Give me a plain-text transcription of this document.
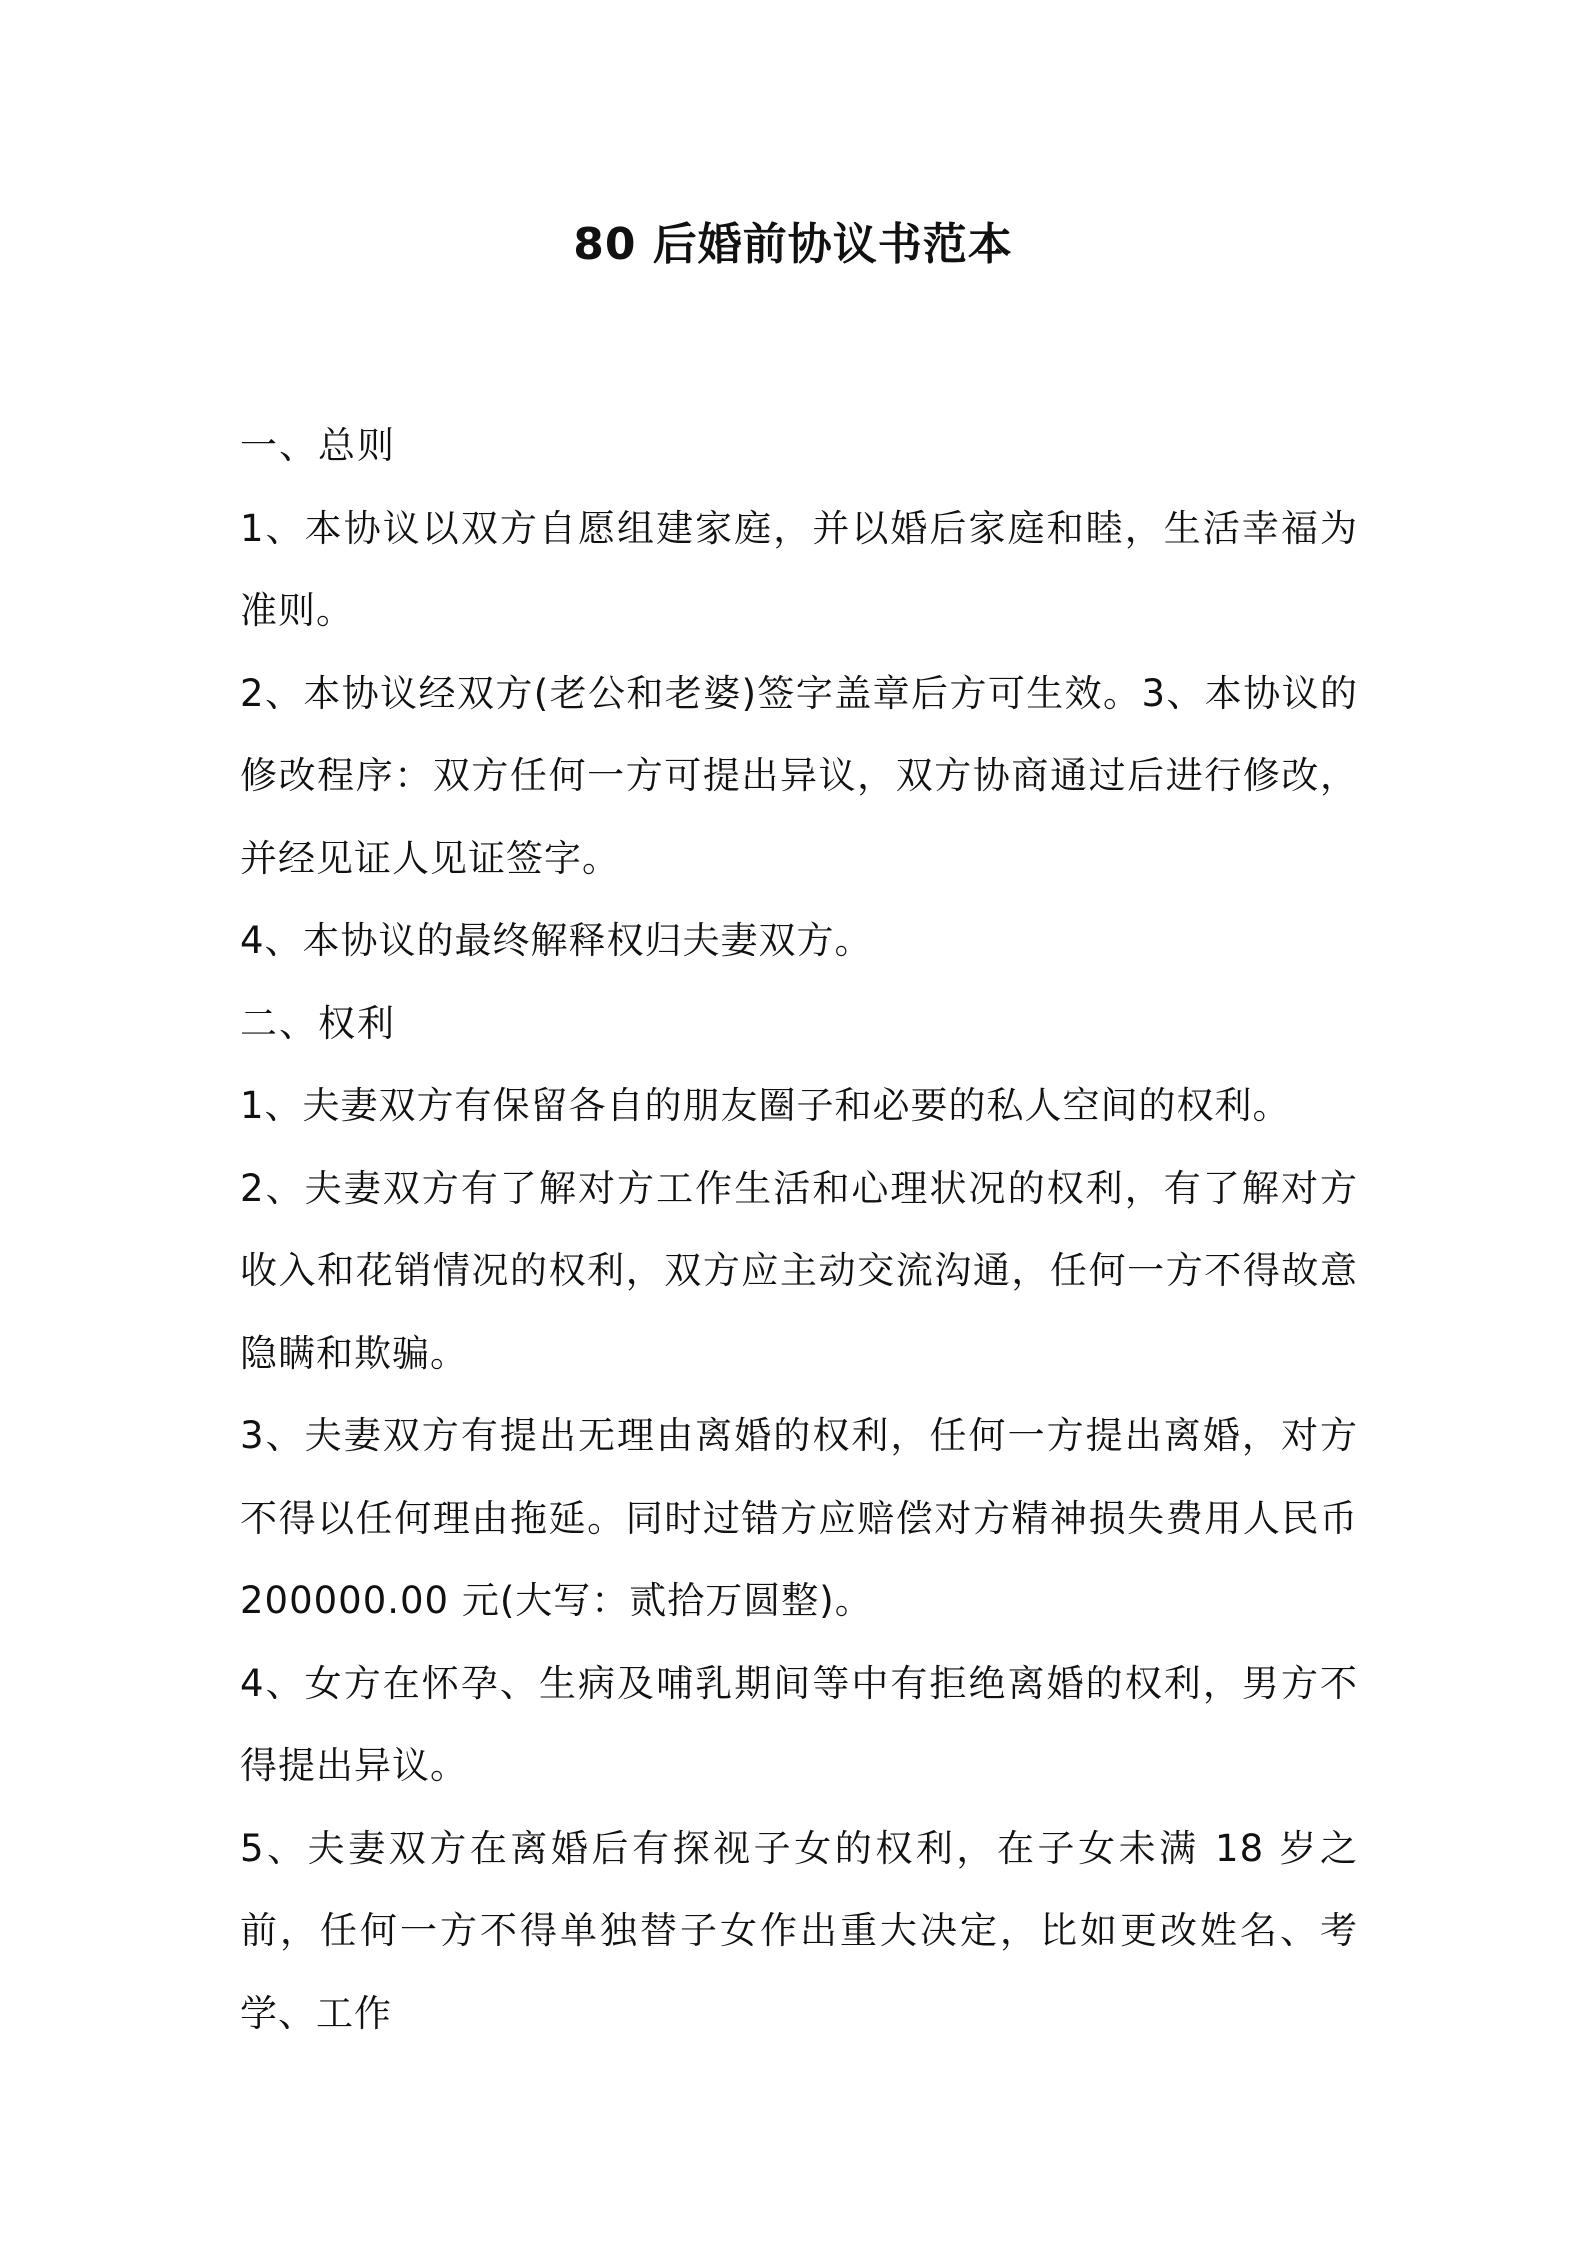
80 后婚前协议书范本

一、总则

1、本协议以双方自愿组建家庭，并以婚后家庭和睦，生活幸福为准则。

2、本协议经双方(老公和老婆)签字盖章后方可生效。3、本协议的修改程序：双方任何一方可提出异议，双方协商通过后进行修改，并经见证人见证签字。

4、本协议的最终解释权归夫妻双方。

二、权利

1、夫妻双方有保留各自的朋友圈子和必要的私人空间的权利。

2、夫妻双方有了解对方工作生活和心理状况的权利，有了解对方收入和花销情况的权利，双方应主动交流沟通，任何一方不得故意隐瞒和欺骗。

3、夫妻双方有提出无理由离婚的权利，任何一方提出离婚，对方不得以任何理由拖延。同时过错方应赔偿对方精神损失费用人民币 200000.00 元(大写：贰拾万圆整)。

4、女方在怀孕、生病及哺乳期间等中有拒绝离婚的权利，男方不得提出异议。

5、夫妻双方在离婚后有探视子女的权利，在子女未满 18 岁之前，任何一方不得单独替子女作出重大决定，比如更改姓名、考学、工作
